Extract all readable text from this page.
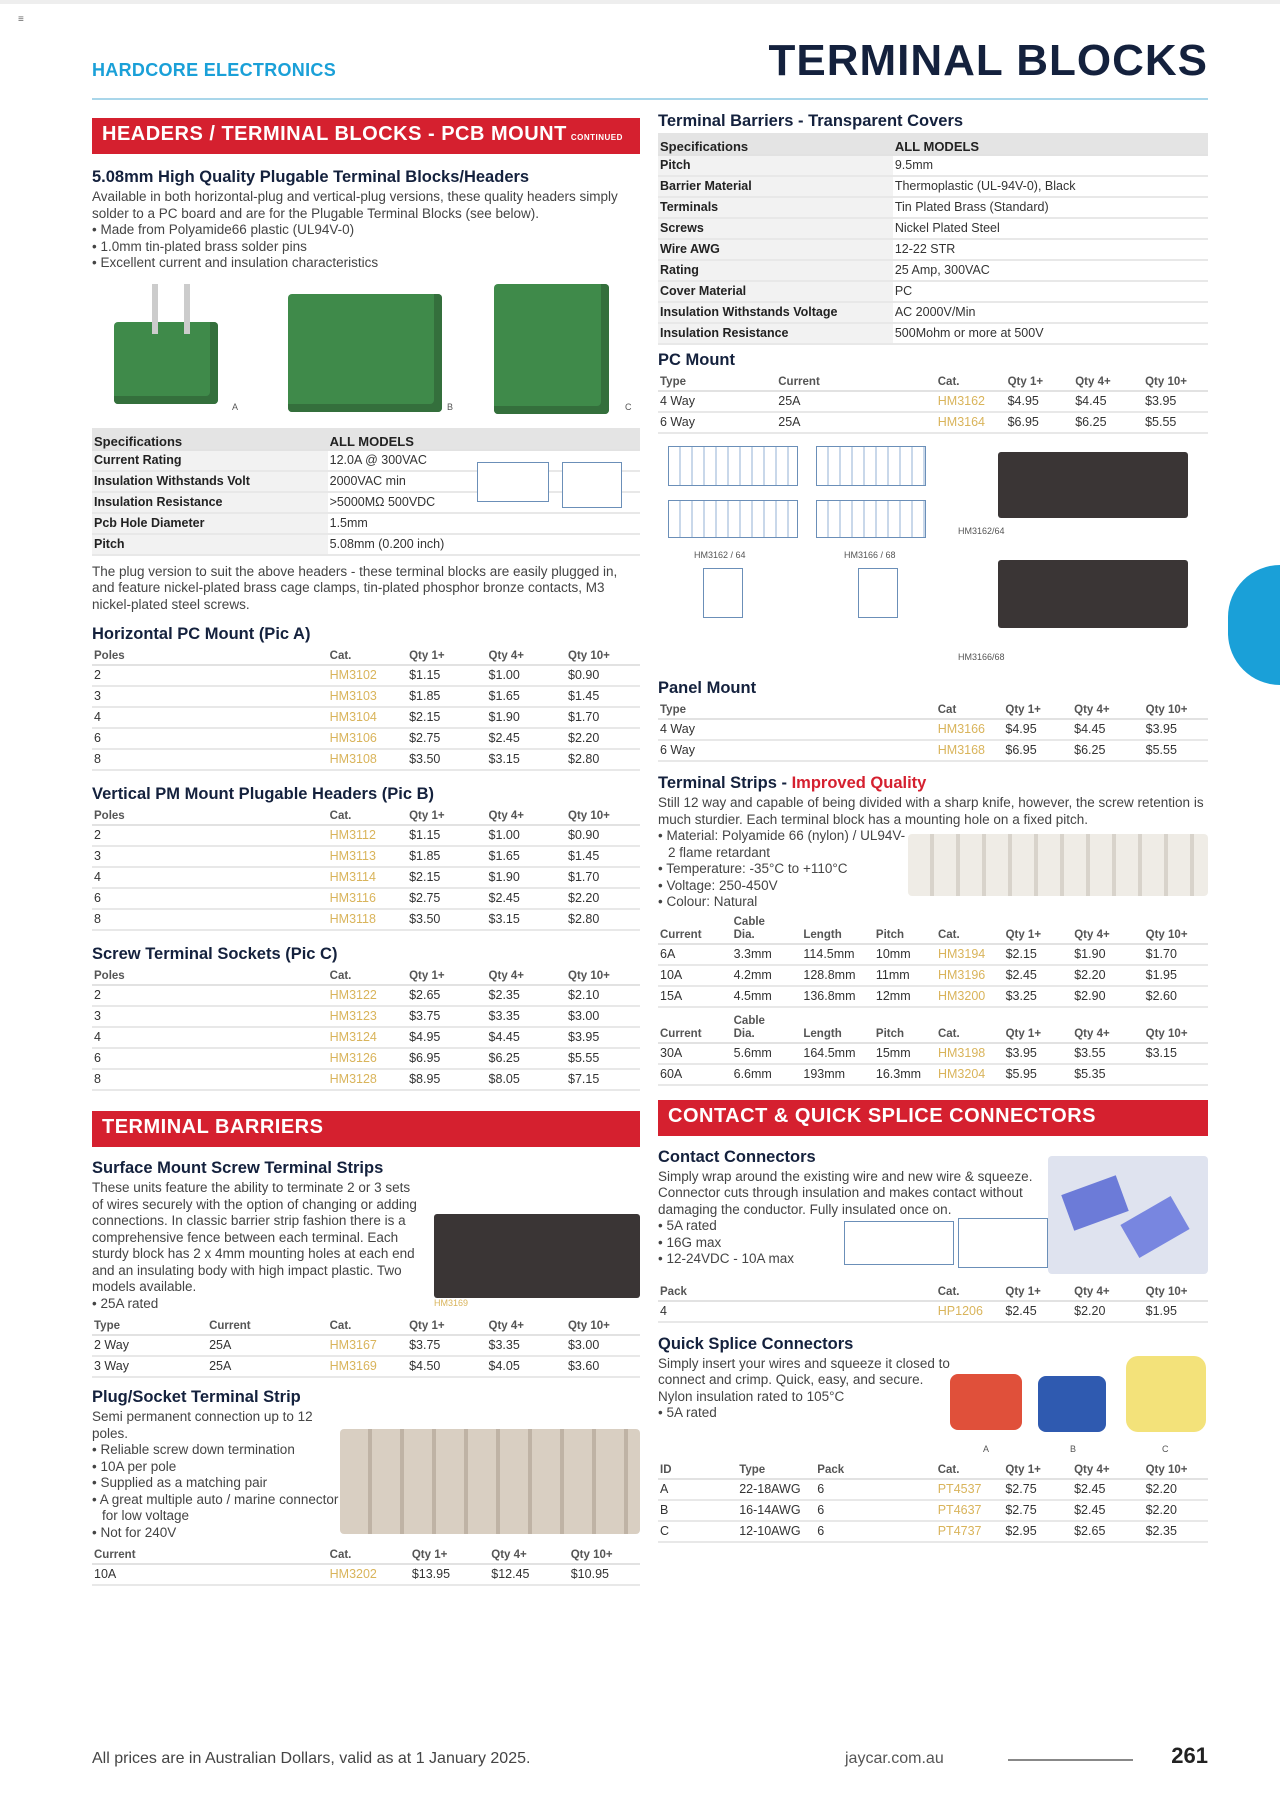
≡
HARDCORE ELECTRONICS	TERMINAL BLOCKS
HEADERS / TERMINAL BLOCKS - PCB MOUNT CONTINUED
5.08mm High Quality Plugable Terminal Blocks/Headers

Available in both horizontal-plug and vertical-plug versions, these quality headers simply solder to a PC board and are for the Plugable Terminal Blocks (see below).

• Made from Polyamide66 plastic (UL94V-0)
• 1.0mm tin-plated brass solder pins
• Excellent current and insulation characteristics
A	B	C
Specifications	ALL MODELS
Current Rating	12.0A @ 300VAC
Insulation Withstands Volt	2000VAC min
Insulation Resistance	>5000MΩ 500VDC
Pcb Hole Diameter	1.5mm
Pitch	5.08mm (0.200 inch)

The plug version to suit the above headers - these terminal blocks are easily plugged in, and feature nickel-plated brass cage clamps, tin-plated phosphor bronze contacts, M3 nickel-plated steel screws.

Horizontal PC Mount (Pic A)
Poles	Cat.	Qty 1+	Qty 4+	Qty 10+
2	HM3102	$1.15	$1.00	$0.90
3	HM3103	$1.85	$1.65	$1.45
4	HM3104	$2.15	$1.90	$1.70
6	HM3106	$2.75	$2.45	$2.20
8	HM3108	$3.50	$3.15	$2.80
Vertical PM Mount Plugable Headers (Pic B)
Poles	Cat.	Qty 1+	Qty 4+	Qty 10+
2	HM3112	$1.15	$1.00	$0.90
3	HM3113	$1.85	$1.65	$1.45
4	HM3114	$2.15	$1.90	$1.70
6	HM3116	$2.75	$2.45	$2.20
8	HM3118	$3.50	$3.15	$2.80
Screw Terminal Sockets (Pic C)
Poles	Cat.	Qty 1+	Qty 4+	Qty 10+
2	HM3122	$2.65	$2.35	$2.10
3	HM3123	$3.75	$3.35	$3.00
4	HM3124	$4.95	$4.45	$3.95
6	HM3126	$6.95	$6.25	$5.55
8	HM3128	$8.95	$8.05	$7.15
TERMINAL BARRIERS
Surface Mount Screw Terminal Strips
HM3169

These units feature the ability to terminate 2 or 3 sets of wires securely with the option of changing or adding connections. In classic barrier strip fashion there is a comprehensive fence between each terminal. Each sturdy block has 2 x 4mm mounting holes at each end and an insulating body with high impact plastic. Two models available.

• 25A rated
Type	Current	Cat.	Qty 1+	Qty 4+	Qty 10+
2 Way	25A	HM3167	$3.75	$3.35	$3.00
3 Way	25A	HM3169	$4.50	$4.05	$3.60
Plug/Socket Terminal Strip

Semi permanent connection up to 12 poles.

• Reliable screw down termination
• 10A per pole
• Supplied as a matching pair
• A great multiple auto / marine connector for low voltage
• Not for 240V
Current	Cat.	Qty 1+	Qty 4+	Qty 10+
10A	HM3202	$13.95	$12.45	$10.95
Terminal Barriers - Transparent Covers
Specifications	ALL MODELS
Pitch	9.5mm
Barrier Material	Thermoplastic (UL-94V-0), Black
Terminals	Tin Plated Brass (Standard)
Screws	Nickel Plated Steel
Wire AWG	12-22 STR
Rating	25 Amp, 300VAC
Cover Material	PC
Insulation Withstands Voltage	AC 2000V/Min
Insulation Resistance	500Mohm or more at 500V
PC Mount
Type	Current	Cat.	Qty 1+	Qty 4+	Qty 10+
4 Way	25A	HM3162	$4.95	$4.45	$3.95
6 Way	25A	HM3164	$6.95	$6.25	$5.55
HM3162 / 64	HM3166 / 68
HM3162/64
HM3166/68
Panel Mount
Type	Cat	Qty 1+	Qty 4+	Qty 10+
4 Way	HM3166	$4.95	$4.45	$3.95
6 Way	HM3168	$6.95	$6.25	$5.55
Terminal Strips - Improved Quality

Still 12 way and capable of being divided with a sharp knife, however, the screw retention is much sturdier. Each terminal block has a mounting hole on a fixed pitch.

• Material: Polyamide 66 (nylon) / UL94V-2 flame retardant
• Temperature: -35°C to +110°C
• Voltage: 250-450V
• Colour: Natural
Current	Cable
Dia.	Length	Pitch	Cat.	Qty 1+	Qty 4+	Qty 10+
6A	3.3mm	114.5mm	10mm	HM3194	$2.15	$1.90	$1.70
10A	4.2mm	128.8mm	11mm	HM3196	$2.45	$2.20	$1.95
15A	4.5mm	136.8mm	12mm	HM3200	$3.25	$2.90	$2.60
Current	Cable
Dia.	Length	Pitch	Cat.	Qty 1+	Qty 4+	Qty 10+
30A	5.6mm	164.5mm	15mm	HM3198	$3.95	$3.55	$3.15
60A	6.6mm	193mm	16.3mm	HM3204	$5.95	$5.35	
CONTACT & QUICK SPLICE CONNECTORS
Contact Connectors

Simply wrap around the existing wire and new wire & squeeze. Connector cuts through insulation and makes contact without damaging the conductor. Fully insulated once on.

• 5A rated
• 16G max
• 12-24VDC - 10A max
Pack	Cat.	Qty 1+	Qty 4+	Qty 10+
4	HP1206	$2.45	$2.20	$1.95
Quick Splice Connectors
A	B	C

Simply insert your wires and squeeze it closed to connect and crimp. Quick, easy, and secure. Nylon insulation rated to 105°C

• 5A rated
ID	Type	Pack	Cat.	Qty 1+	Qty 4+	Qty 10+
A	22-18AWG	6	PT4537	$2.75	$2.45	$2.20
B	16-14AWG	6	PT4637	$2.75	$2.45	$2.20
C	12-10AWG	6	PT4737	$2.95	$2.65	$2.35
All prices are in Australian Dollars, valid as at 1 January 2025.	jaycar.com.au	261
